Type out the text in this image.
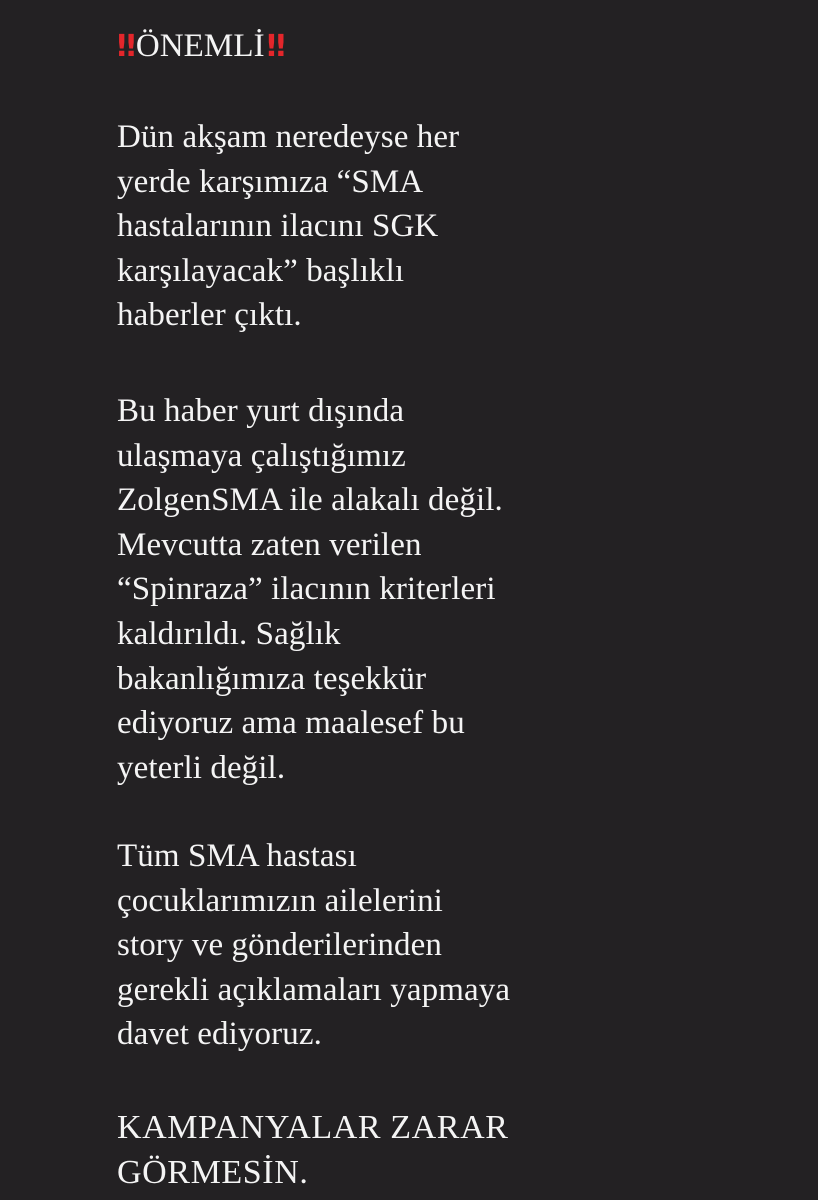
‼ÖNEMLİ‼

Dün akşam neredeyse her
yerde karşımıza “SMA
hastalarının ilacını SGK
karşılayacak” başlıklı
haberler çıktı.

Bu haber yurt dışında
ulaşmaya çalıştığımız
ZolgenSMA ile alakalı değil.
Mevcutta zaten verilen
“Spinraza” ilacının kriterleri
kaldırıldı. Sağlık
bakanlığımıza teşekkür
ediyoruz ama maalesef bu
yeterli değil.

Tüm SMA hastası
çocuklarımızın ailelerini
story ve gönderilerinden
gerekli açıklamaları yapmaya
davet ediyoruz.

KAMPANYALAR ZARAR
GÖRMESİN.
